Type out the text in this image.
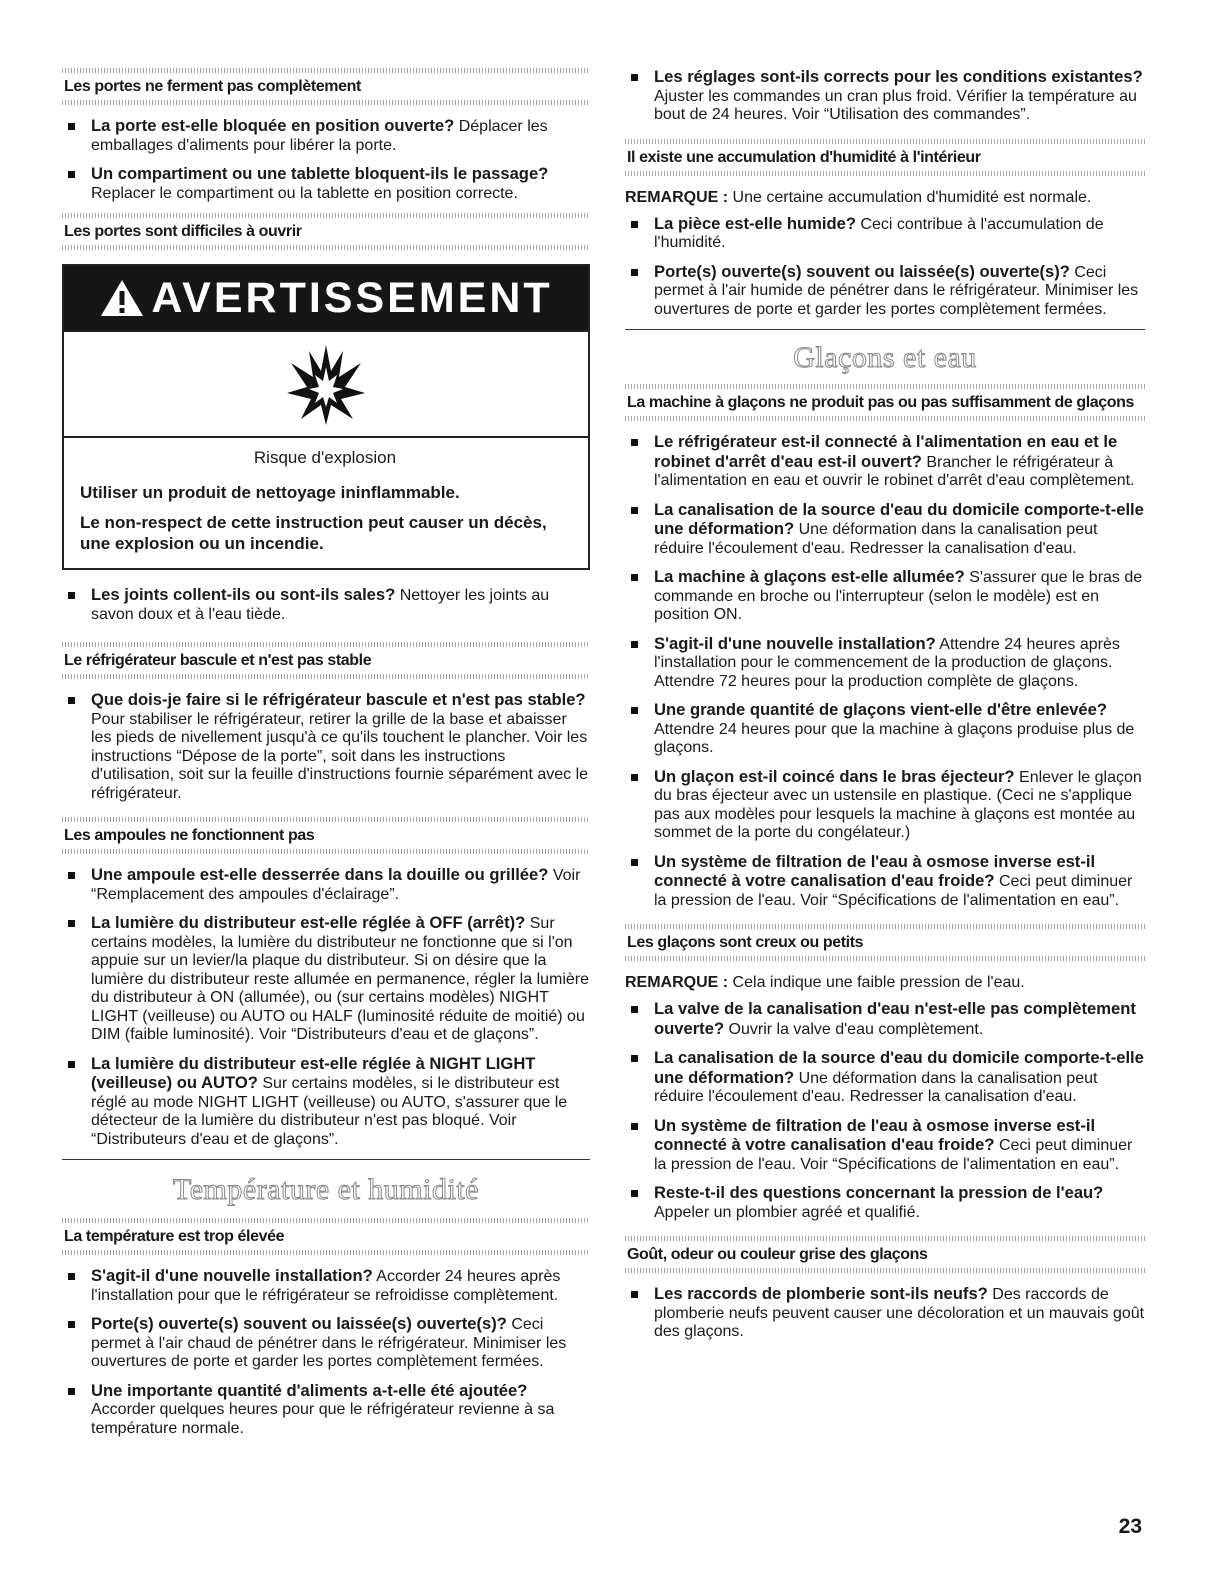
Les portes ne ferment pas complètement
La porte est-elle bloquée en position ouverte? Déplacer les emballages d'aliments pour libérer la porte.
Un compartiment ou une tablette bloquent-ils le passage? Replacer le compartiment ou la tablette en position correcte.
Les portes sont difficiles à ouvrir
AVERTISSEMENT
Risque d'explosion
Utiliser un produit de nettoyage ininflammable.
Le non-respect de cette instruction peut causer un décès, une explosion ou un incendie.
Les joints collent-ils ou sont-ils sales? Nettoyer les joints au savon doux et à l'eau tiède.
Le réfrigérateur bascule et n'est pas stable
Que dois-je faire si le réfrigérateur bascule et n'est pas stable? Pour stabiliser le réfrigérateur, retirer la grille de la base et abaisser les pieds de nivellement jusqu'à ce qu'ils touchent le plancher. Voir les instructions “Dépose de la porte”, soit dans les instructions d'utilisation, soit sur la feuille d'instructions fournie séparément avec le réfrigérateur.
Les ampoules ne fonctionnent pas
Une ampoule est-elle desserrée dans la douille ou grillée? Voir “Remplacement des ampoules d'éclairage”.
La lumière du distributeur est-elle réglée à OFF (arrêt)? Sur certains modèles, la lumière du distributeur ne fonctionne que si l'on appuie sur un levier/la plaque du distributeur. Si on désire que la lumière du distributeur reste allumée en permanence, régler la lumière du distributeur à ON (allumée), ou (sur certains modèles) NIGHT LIGHT (veilleuse) ou AUTO ou HALF (luminosité réduite de moitié) ou DIM (faible luminosité). Voir “Distributeurs d'eau et de glaçons”.
La lumière du distributeur est-elle réglée à NIGHT LIGHT (veilleuse) ou AUTO? Sur certains modèles, si le distributeur est réglé au mode NIGHT LIGHT (veilleuse) ou AUTO, s'assurer que le détecteur de la lumière du distributeur n'est pas bloqué. Voir “Distributeurs d'eau et de glaçons”.
Température et humidité
La température est trop élevée
S'agit-il d'une nouvelle installation? Accorder 24 heures après l'installation pour que le réfrigérateur se refroidisse complètement.
Porte(s) ouverte(s) souvent ou laissée(s) ouverte(s)? Ceci permet à l'air chaud de pénétrer dans le réfrigérateur. Minimiser les ouvertures de porte et garder les portes complètement fermées.
Une importante quantité d'aliments a-t-elle été ajoutée? Accorder quelques heures pour que le réfrigérateur revienne à sa température normale.
Les réglages sont-ils corrects pour les conditions existantes? Ajuster les commandes un cran plus froid. Vérifier la température au bout de 24 heures. Voir “Utilisation des commandes”.
Il existe une accumulation d'humidité à l'intérieur
REMARQUE : Une certaine accumulation d'humidité est normale.
La pièce est-elle humide? Ceci contribue à l'accumulation de l'humidité.
Porte(s) ouverte(s) souvent ou laissée(s) ouverte(s)? Ceci permet à l'air humide de pénétrer dans le réfrigérateur. Minimiser les ouvertures de porte et garder les portes complètement fermées.
Glaçons et eau
La machine à glaçons ne produit pas ou pas suffisamment de glaçons
Le réfrigérateur est-il connecté à l'alimentation en eau et le robinet d'arrêt d'eau est-il ouvert? Brancher le réfrigérateur à l'alimentation en eau et ouvrir le robinet d'arrêt d'eau complètement.
La canalisation de la source d'eau du domicile comporte-t-elle une déformation? Une déformation dans la canalisation peut réduire l'écoulement d'eau. Redresser la canalisation d'eau.
La machine à glaçons est-elle allumée? S'assurer que le bras de commande en broche ou l'interrupteur (selon le modèle) est en position ON.
S'agit-il d'une nouvelle installation? Attendre 24 heures après l'installation pour le commencement de la production de glaçons. Attendre 72 heures pour la production complète de glaçons.
Une grande quantité de glaçons vient-elle d'être enlevée? Attendre 24 heures pour que la machine à glaçons produise plus de glaçons.
Un glaçon est-il coincé dans le bras éjecteur? Enlever le glaçon du bras éjecteur avec un ustensile en plastique. (Ceci ne s'applique pas aux modèles pour lesquels la machine à glaçons est montée au sommet de la porte du congélateur.)
Un système de filtration de l'eau à osmose inverse est-il connecté à votre canalisation d'eau froide? Ceci peut diminuer la pression de l'eau. Voir “Spécifications de l'alimentation en eau”.
Les glaçons sont creux ou petits
REMARQUE : Cela indique une faible pression de l'eau.
La valve de la canalisation d'eau n'est-elle pas complètement ouverte? Ouvrir la valve d'eau complètement.
La canalisation de la source d'eau du domicile comporte-t-elle une déformation? Une déformation dans la canalisation peut réduire l'écoulement d'eau. Redresser la canalisation d'eau.
Un système de filtration de l'eau à osmose inverse est-il connecté à votre canalisation d'eau froide? Ceci peut diminuer la pression de l'eau. Voir “Spécifications de l'alimentation en eau”.
Reste-t-il des questions concernant la pression de l'eau? Appeler un plombier agréé et qualifié.
Goût, odeur ou couleur grise des glaçons
Les raccords de plomberie sont-ils neufs? Des raccords de plomberie neufs peuvent causer une décoloration et un mauvais goût des glaçons.
23
